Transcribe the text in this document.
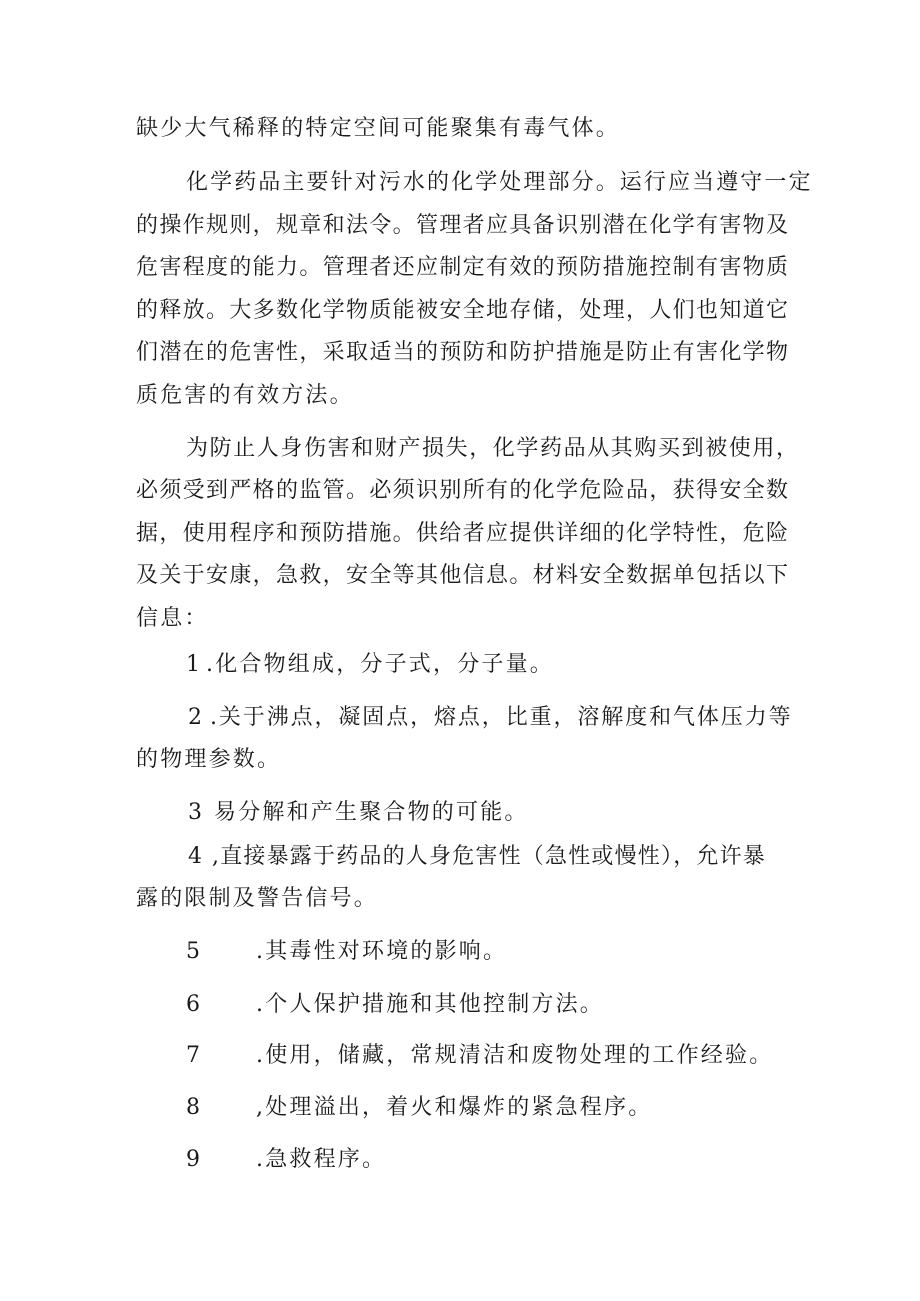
缺少大气稀释的特定空间可能聚集有毒气体。
化学药品主要针对污水的化学处理部分。运行应当遵守一定
的操作规则，规章和法令。管理者应具备识别潜在化学有害物及
危害程度的能力。管理者还应制定有效的预防措施控制有害物质
的释放。大多数化学物质能被安全地存储，处理，人们也知道它
们潜在的危害性，采取适当的预防和防护措施是防止有害化学物
质危害的有效方法。
为防止人身伤害和财产损失，化学药品从其购买到被使用，
必须受到严格的监管。必须识别所有的化学危险品，获得安全数
据，使用程序和预防措施。供给者应提供详细的化学特性，危险
及关于安康，急救，安全等其他信息。材料安全数据单包括以下
信息：
1 .化合物组成，分子式，分子量。
2 .关于沸点，凝固点，熔点，比重，溶解度和气体压力等
的物理参数。
3 易分解和产生聚合物的可能。
4 ,直接暴露于药品的人身危害性（急性或慢性），允许暴
露的限制及警告信号。
5	.其毒性对环境的影响。
6	.个人保护措施和其他控制方法。
7	.使用，储藏，常规清洁和废物处理的工作经验。
8	,处理溢出，着火和爆炸的紧急程序。
9	.急救程序。
